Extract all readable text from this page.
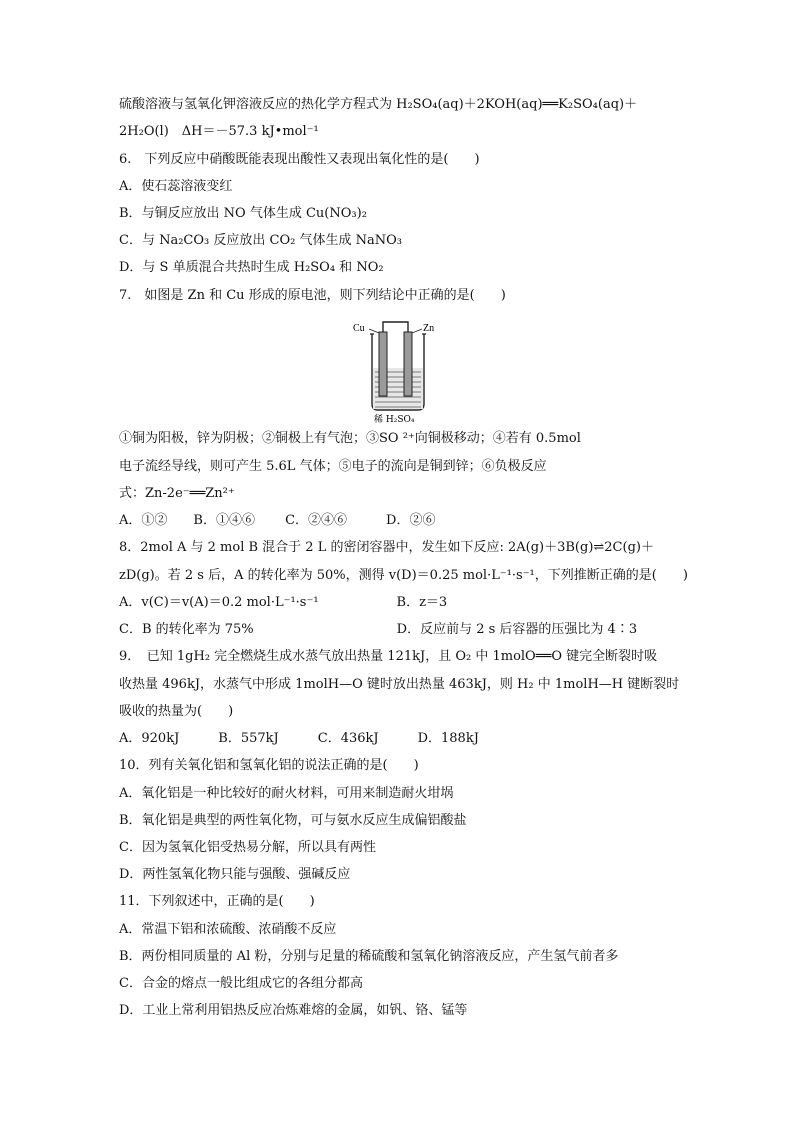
硫酸溶液与氢氧化钾溶液反应的热化学方程式为 H₂SO₄(aq)＋2KOH(aq)══K₂SO₄(aq)＋
2H₂O(l)　ΔH＝－57.3 kJ•mol⁻¹
6.　下列反应中硝酸既能表现出酸性又表现出氧化性的是(　　)
A．使石蕊溶液变红
B．与铜反应放出 NO 气体生成 Cu(NO₃)₂
C．与 Na₂CO₃ 反应放出 CO₂ 气体生成 NaNO₃
D．与 S 单质混合共热时生成 H₂SO₄ 和 NO₂
7.　如图是 Zn 和 Cu 形成的原电池，则下列结论中正确的是(　　)
Cu	Zn
稀 H₂SO₄
①铜为阳极，锌为阴极；②铜极上有气泡；③SO ²⁺向铜极移动；④若有 0.5mol
电子流经导线，则可产生 5.6L 气体；⑤电子的流向是铜到锌；⑥负极反应
式：Zn-2e⁻══Zn²⁺
A．①②　　B．①④⑥　　 C．②④⑥　　　D．②⑥
8．2mol A 与 2 mol B 混合于 2 L 的密闭容器中，发生如下反应: 2A(g)＋3B(g)⇌2C(g)＋
zD(g)。若 2 s 后，A 的转化率为 50%，测得 v(D)＝0.25 mol·L⁻¹·s⁻¹，下列推断正确的是(　　)
A．v(C)＝v(A)＝0.2 mol·L⁻¹·s⁻¹　　　　　　B．z＝3
C．B 的转化率为 75%　　　　　　　　　　　D．反应前与 2 s 后容器的压强比为 4∶3
9．　已知 1gH₂ 完全燃烧生成水蒸气放出热量 121kJ，且 O₂ 中 1molO══O 键完全断裂时吸
收热量 496kJ，水蒸气中形成 1molH—O 键时放出热量 463kJ，则 H₂ 中 1molH—H 键断裂时
吸收的热量为(　　)
A．920kJ　　　B．557kJ　　　C．436kJ　　　D．188kJ
10．列有关氧化铝和氢氧化铝的说法正确的是(　　)
A．氧化铝是一种比较好的耐火材料，可用来制造耐火坩埚
B．氧化铝是典型的两性氧化物，可与氨水反应生成偏铝酸盐
C．因为氢氧化铝受热易分解，所以具有两性
D．两性氢氧化物只能与强酸、强碱反应
11．下列叙述中，正确的是(　　)
A．常温下铝和浓硫酸、浓硝酸不反应
B．两份相同质量的 Al 粉，分别与足量的稀硫酸和氢氧化钠溶液反应，产生氢气前者多
C．合金的熔点一般比组成它的各组分都高
D．工业上常利用铝热反应冶炼难熔的金属，如钒、铬、锰等
